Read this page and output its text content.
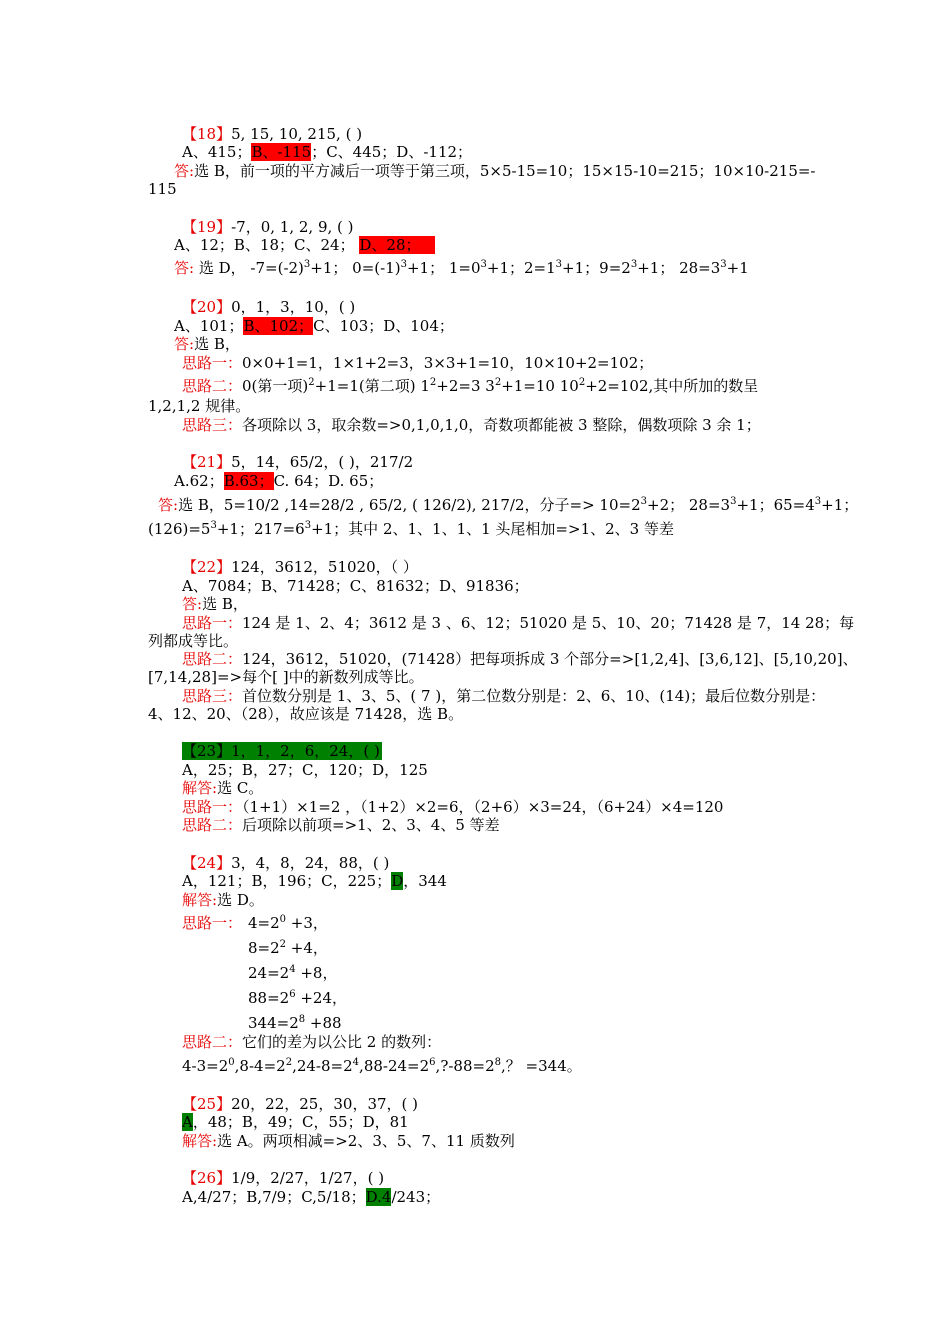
【18】5, 15, 10, 215, ( )
A、415；B、-115；C、445；D、-112；
答:选 B，前一项的平方减后一项等于第三项，5×5-15=10；15×15-10=215；10×10-215=-
115
【19】-7，0, 1, 2, 9, ( )
A、12；B、18；C、24； D、28；
答: 选 D， $-7=(-2)^3+1$； $0=(-1)^3+1$； $1=0^3+1$；$2=1^3+1$；$9=2^3+1$； $28=3^3+1$
【20】0，1，3，10，( )
A、101；B、102；C、103；D、104；
答:选 B，
思路一：0×0+1=1，1×1+2=3，3×3+1=10，10×10+2=102；
思路二：0(第一项)$^2$+1=1(第二项) $1^2+2=3$ $3^2+1=10$ $10^2+2=102$,其中所加的数呈
1,2,1,2 规律。
思路三：各项除以 3，取余数=>0,1,0,1,0，奇数项都能被 3 整除，偶数项除 3 余 1；
【21】5，14，65/2，( )，217/2
A.62；B.63；C. 64；D. 65；
答:选 B，5=10/2 ,14=28/2 , 65/2, ( 126/2), 217/2，分子=> $10=2^3+2$； $28=3^3+1$；$65=4^3+1$；
$(126)=5^3+1$；$217=6^3+1$；其中 2、1、1、1、1 头尾相加=>1、2、3 等差
【22】124，3612，51020，（ ）
A、7084；B、71428；C、81632；D、91836；
答:选 B，
思路一：124 是 1、2、4；3612 是 3 、6、12；51020 是 5、10、20；71428 是 7，14 28；每
列都成等比。
思路二：124，3612，51020，(71428）把每项拆成 3 个部分=>[1,2,4]、[3,6,12]、[5,10,20]、
[7,14,28]=>每个[ ]中的新数列成等比。
思路三：首位数分别是 1、3、5、( 7 )，第二位数分别是：2、6、10、(14)；最后位数分别是：
4、12、20、（28），故应该是 71428，选 B。
【23】1，1，2，6，24，( )
A，25；B，27；C，120；D，125
解答:选 C。
思路一：（1+1）×1=2 ，（1+2）×2=6，（2+6）×3=24，（6+24）×4=120
思路二：后项除以前项=>1、2、3、4、5 等差
【24】3，4，8，24，88，( )
A，121；B，196；C，225；D，344
解答:选 D。
思路一： $4=2^0 +3$，
$8=2^2 +4$，
$24=2^4 +8$，
$88=2^6 +24$，
$344=2^8 +88$
思路二：它们的差为以公比 2 的数列：
$4-3=2^0,8-4=2^2,24-8=2^4,88-24=2^6,?-88=2^8$,？ =344。
【25】20，22，25，30，37，( )
A，48；B，49；C，55；D，81
解答:选 A。两项相减=>2、3、5、7、11 质数列
【26】1/9，2/27，1/27，( )
A,4/27；B,7/9；C,5/18；D.4/243；
